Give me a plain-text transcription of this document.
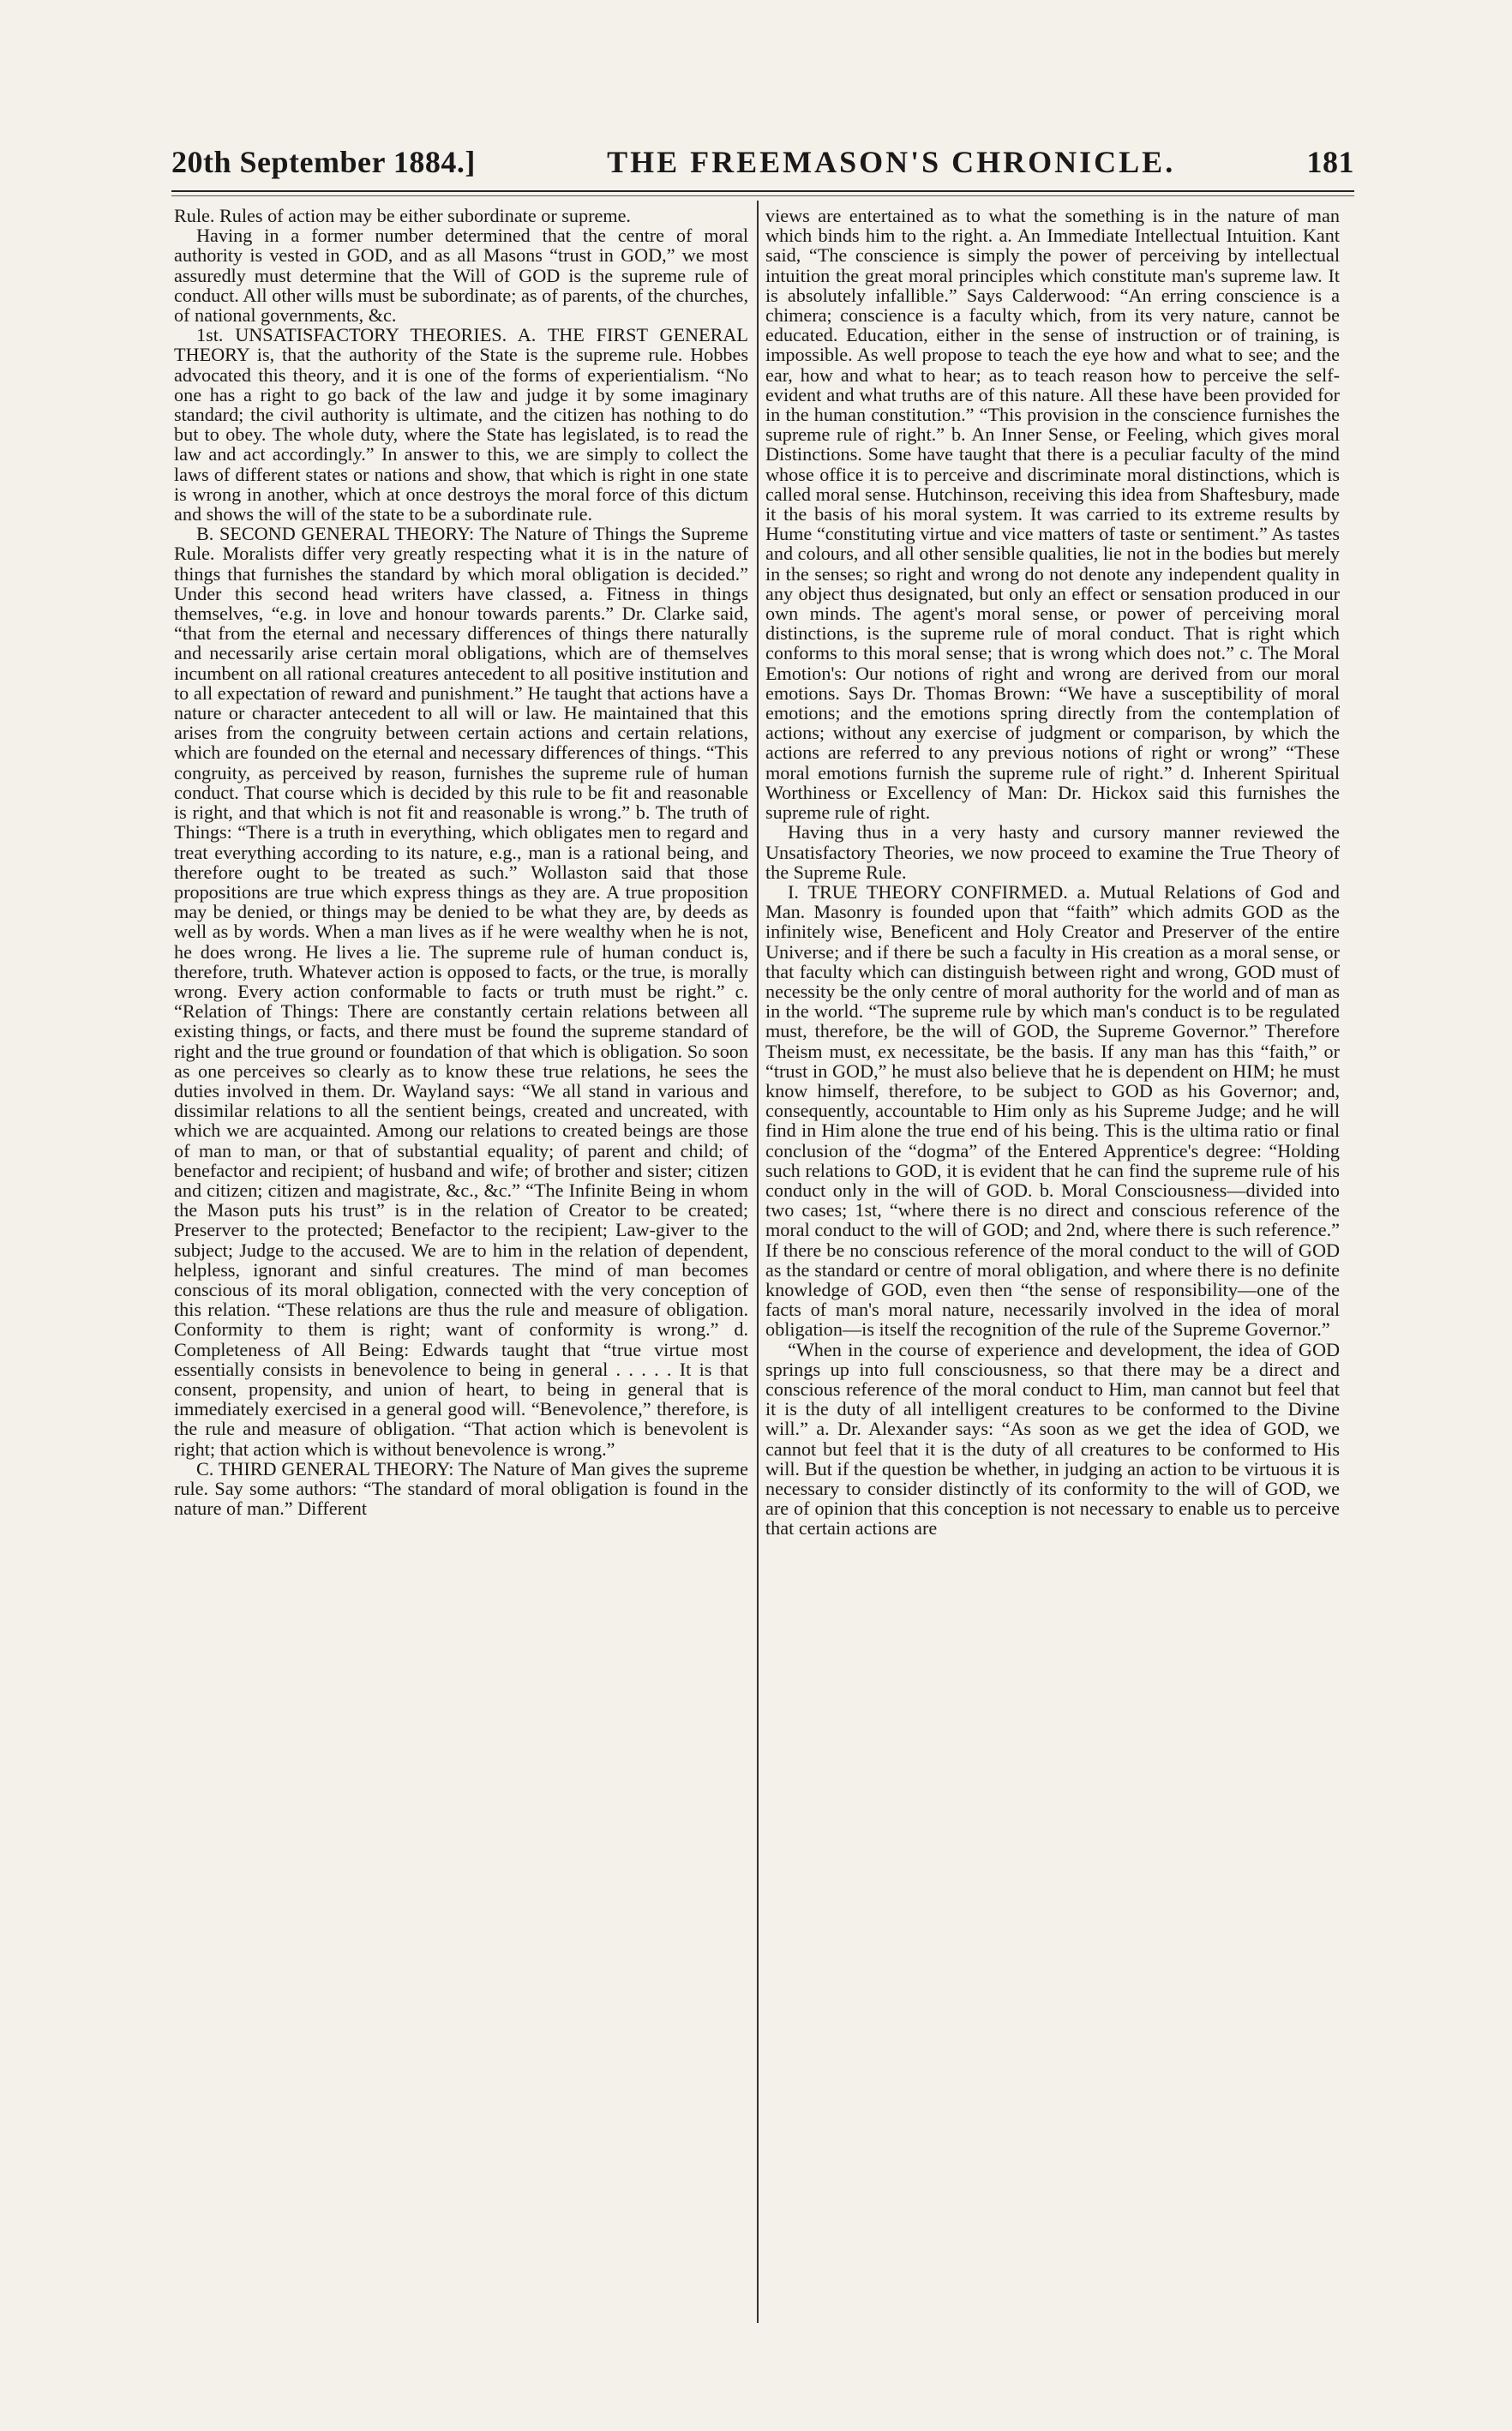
20th September 1884.]	THE FREEMASON'S CHRONICLE.	181

Rule. Rules of action may be either subordinate or supreme.

Having in a former number determined that the centre of moral authority is vested in GOD, and as all Masons “trust in GOD,” we most assuredly must determine that the Will of GOD is the supreme rule of conduct. All other wills must be subordinate; as of parents, of the churches, of national governments, &c.

1st. UNSATISFACTORY THEORIES. A. THE FIRST GENERAL THEORY is, that the authority of the State is the supreme rule. Hobbes advocated this theory, and it is one of the forms of experientialism. “No one has a right to go back of the law and judge it by some imaginary standard; the civil authority is ultimate, and the citizen has nothing to do but to obey. The whole duty, where the State has legislated, is to read the law and act accordingly.” In answer to this, we are simply to collect the laws of different states or nations and show, that which is right in one state is wrong in another, which at once destroys the moral force of this dictum and shows the will of the state to be a subordinate rule.

B. SECOND GENERAL THEORY: The Nature of Things the Supreme Rule. Moralists differ very greatly respecting what it is in the nature of things that furnishes the standard by which moral obligation is decided.” Under this second head writers have classed, a. Fitness in things themselves, “e.g. in love and honour towards parents.” Dr. Clarke said, “that from the eternal and necessary differences of things there naturally and necessarily arise certain moral obligations, which are of themselves incumbent on all rational creatures antecedent to all positive institution and to all expectation of reward and punishment.” He taught that actions have a nature or character antecedent to all will or law. He maintained that this arises from the congruity between certain actions and certain relations, which are founded on the eternal and necessary differences of things. “This congruity, as perceived by reason, furnishes the supreme rule of human conduct. That course which is decided by this rule to be fit and reasonable is right, and that which is not fit and reasonable is wrong.” b. The truth of Things: “There is a truth in everything, which obligates men to regard and treat everything according to its nature, e.g., man is a rational being, and therefore ought to be treated as such.” Wollaston said that those propositions are true which express things as they are. A true proposition may be denied, or things may be denied to be what they are, by deeds as well as by words. When a man lives as if he were wealthy when he is not, he does wrong. He lives a lie. The supreme rule of human conduct is, therefore, truth. Whatever action is opposed to facts, or the true, is morally wrong. Every action conformable to facts or truth must be right.” c. “Relation of Things: There are constantly certain relations between all existing things, or facts, and there must be found the supreme standard of right and the true ground or foundation of that which is obligation. So soon as one perceives so clearly as to know these true relations, he sees the duties involved in them. Dr. Wayland says: “We all stand in various and dissimilar relations to all the sentient beings, created and uncreated, with which we are acquainted. Among our relations to created beings are those of man to man, or that of substantial equality; of parent and child; of benefactor and recipient; of husband and wife; of brother and sister; citizen and citizen; citizen and magistrate, &c., &c.” “The Infinite Being in whom the Mason puts his trust” is in the relation of Creator to be created; Preserver to the protected; Benefactor to the recipient; Law-giver to the subject; Judge to the accused. We are to him in the relation of dependent, helpless, ignorant and sinful creatures. The mind of man becomes conscious of its moral obligation, connected with the very conception of this relation. “These relations are thus the rule and measure of obligation. Conformity to them is right; want of conformity is wrong.” d. Completeness of All Being: Edwards taught that “true virtue most essentially consists in benevolence to being in general . . . . . It is that consent, propensity, and union of heart, to being in general that is immediately exercised in a general good will. “Benevolence,” therefore, is the rule and measure of obligation. “That action which is benevolent is right; that action which is without benevolence is wrong.”

C. THIRD GENERAL THEORY: The Nature of Man gives the supreme rule. Say some authors: “The standard of moral obligation is found in the nature of man.” Different

views are entertained as to what the something is in the nature of man which binds him to the right. a. An Immediate Intellectual Intuition. Kant said, “The conscience is simply the power of perceiving by intellectual intuition the great moral principles which constitute man's supreme law. It is absolutely infallible.” Says Calderwood: “An erring conscience is a chimera; conscience is a faculty which, from its very nature, cannot be educated. Education, either in the sense of instruction or of training, is impossible. As well propose to teach the eye how and what to see; and the ear, how and what to hear; as to teach reason how to perceive the self-evident and what truths are of this nature. All these have been provided for in the human constitution.” “This provision in the conscience furnishes the supreme rule of right.” b. An Inner Sense, or Feeling, which gives moral Distinctions. Some have taught that there is a peculiar faculty of the mind whose office it is to perceive and discriminate moral distinctions, which is called moral sense. Hutchinson, receiving this idea from Shaftesbury, made it the basis of his moral system. It was carried to its extreme results by Hume “constituting virtue and vice matters of taste or sentiment.” As tastes and colours, and all other sensible qualities, lie not in the bodies but merely in the senses; so right and wrong do not denote any independent quality in any object thus designated, but only an effect or sensation produced in our own minds. The agent's moral sense, or power of perceiving moral distinctions, is the supreme rule of moral conduct. That is right which conforms to this moral sense; that is wrong which does not.” c. The Moral Emotion's: Our notions of right and wrong are derived from our moral emotions. Says Dr. Thomas Brown: “We have a susceptibility of moral emotions; and the emotions spring directly from the contemplation of actions; without any exercise of judgment or comparison, by which the actions are referred to any previous notions of right or wrong” “These moral emotions furnish the supreme rule of right.” d. Inherent Spiritual Worthiness or Excellency of Man: Dr. Hickox said this furnishes the supreme rule of right.

Having thus in a very hasty and cursory manner reviewed the Unsatisfactory Theories, we now proceed to examine the True Theory of the Supreme Rule.

I. TRUE THEORY CONFIRMED. a. Mutual Relations of God and Man. Masonry is founded upon that “faith” which admits GOD as the infinitely wise, Beneficent and Holy Creator and Preserver of the entire Universe; and if there be such a faculty in His creation as a moral sense, or that faculty which can distinguish between right and wrong, GOD must of necessity be the only centre of moral authority for the world and of man as in the world. “The supreme rule by which man's conduct is to be regulated must, therefore, be the will of GOD, the Supreme Governor.” Therefore Theism must, ex necessitate, be the basis. If any man has this “faith,” or “trust in GOD,” he must also believe that he is dependent on HIM; he must know himself, therefore, to be subject to GOD as his Governor; and, consequently, accountable to Him only as his Supreme Judge; and he will find in Him alone the true end of his being. This is the ultima ratio or final conclusion of the “dogma” of the Entered Apprentice's degree: “Holding such relations to GOD, it is evident that he can find the supreme rule of his conduct only in the will of GOD. b. Moral Consciousness—divided into two cases; 1st, “where there is no direct and conscious reference of the moral conduct to the will of GOD; and 2nd, where there is such reference.” If there be no conscious reference of the moral conduct to the will of GOD as the standard or centre of moral obligation, and where there is no definite knowledge of GOD, even then “the sense of responsibility—one of the facts of man's moral nature, necessarily involved in the idea of moral obligation—is itself the recognition of the rule of the Supreme Governor.”

“When in the course of experience and development, the idea of GOD springs up into full consciousness, so that there may be a direct and conscious reference of the moral conduct to Him, man cannot but feel that it is the duty of all intelligent creatures to be conformed to the Divine will.” a. Dr. Alexander says: “As soon as we get the idea of GOD, we cannot but feel that it is the duty of all creatures to be conformed to His will. But if the question be whether, in judging an action to be virtuous it is necessary to consider distinctly of its conformity to the will of GOD, we are of opinion that this conception is not necessary to enable us to perceive that certain actions are
